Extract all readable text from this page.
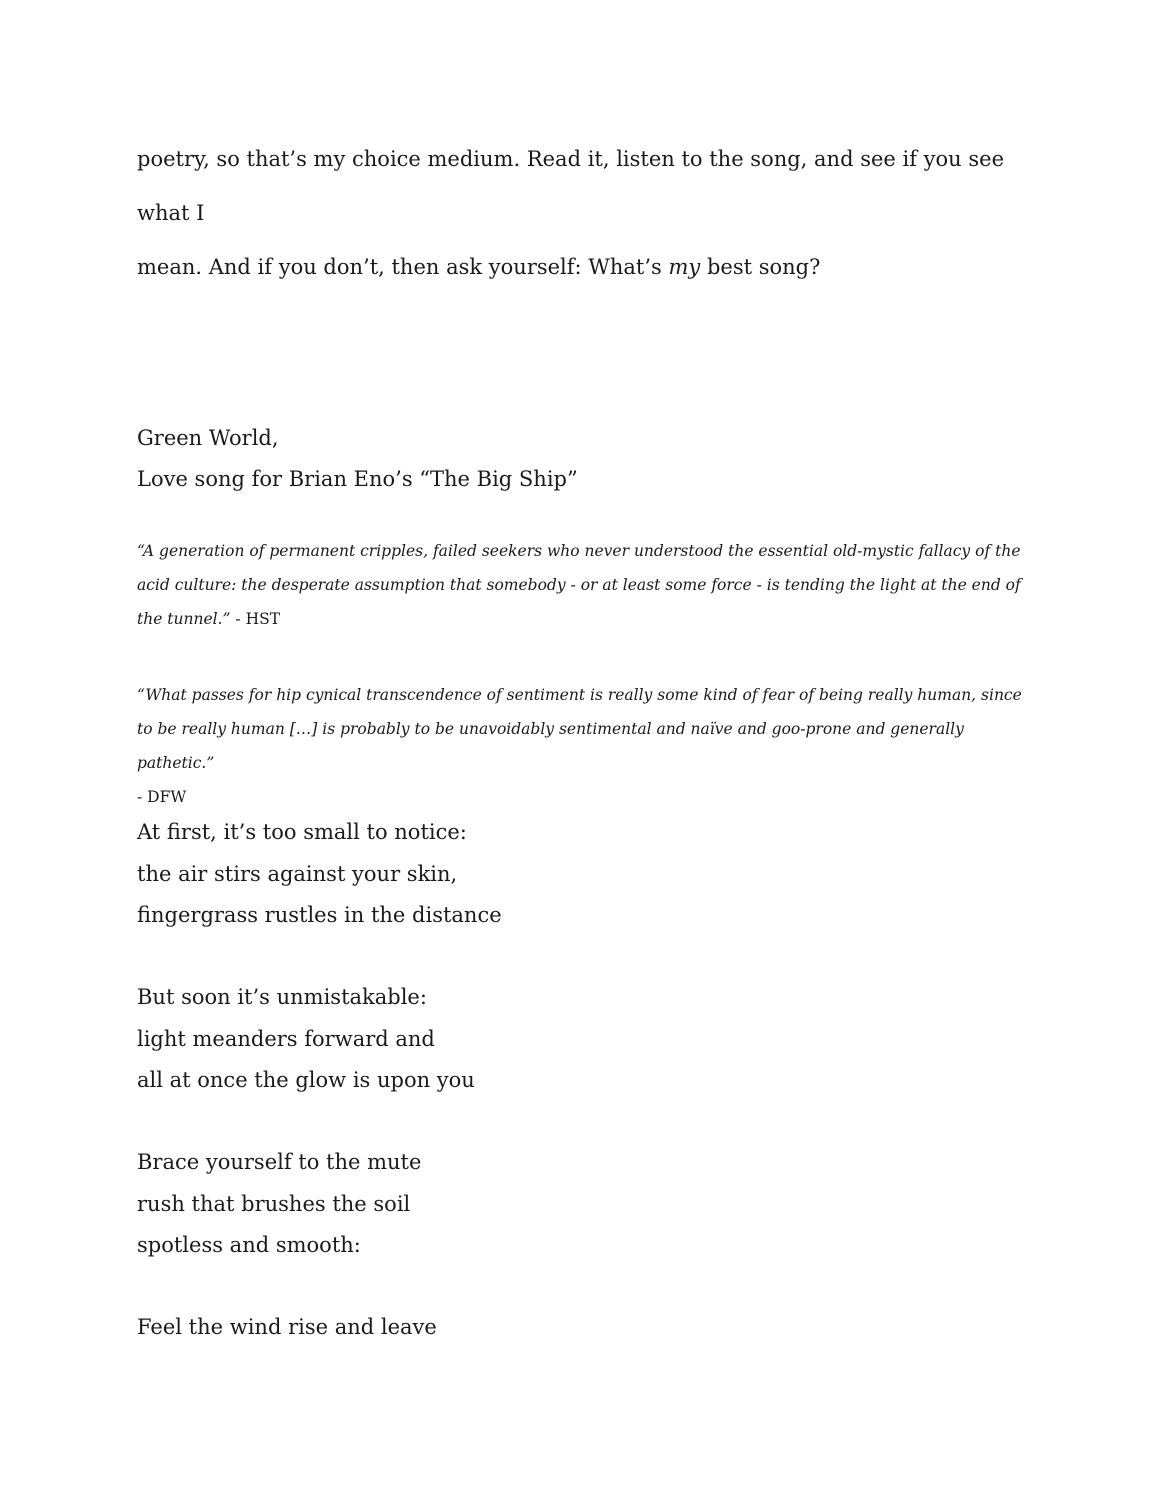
poetry, so that’s my choice medium. Read it, listen to the song, and see if you see what I
mean. And if you don’t, then ask yourself: What’s my best song?

Green World,
Love song for Brian Eno’s “The Big Ship”

“A generation of permanent cripples, failed seekers who never understood the essential old-mystic fallacy of the acid culture: the desperate assumption that somebody - or at least some force - is tending the light at the end of the tunnel.” - HST

“What passes for hip cynical transcendence of sentiment is really some kind of fear of being really human, since to be really human […] is probably to be unavoidably sentimental and naïve and goo-prone and generally pathetic.”
- DFW

At first, it’s too small to notice:
the air stirs against your skin,
fingergrass rustles in the distance
But soon it’s unmistakable:
light meanders forward and
all at once the glow is upon you
Brace yourself to the mute
rush that brushes the soil
spotless and smooth:
Feel the wind rise and leave
